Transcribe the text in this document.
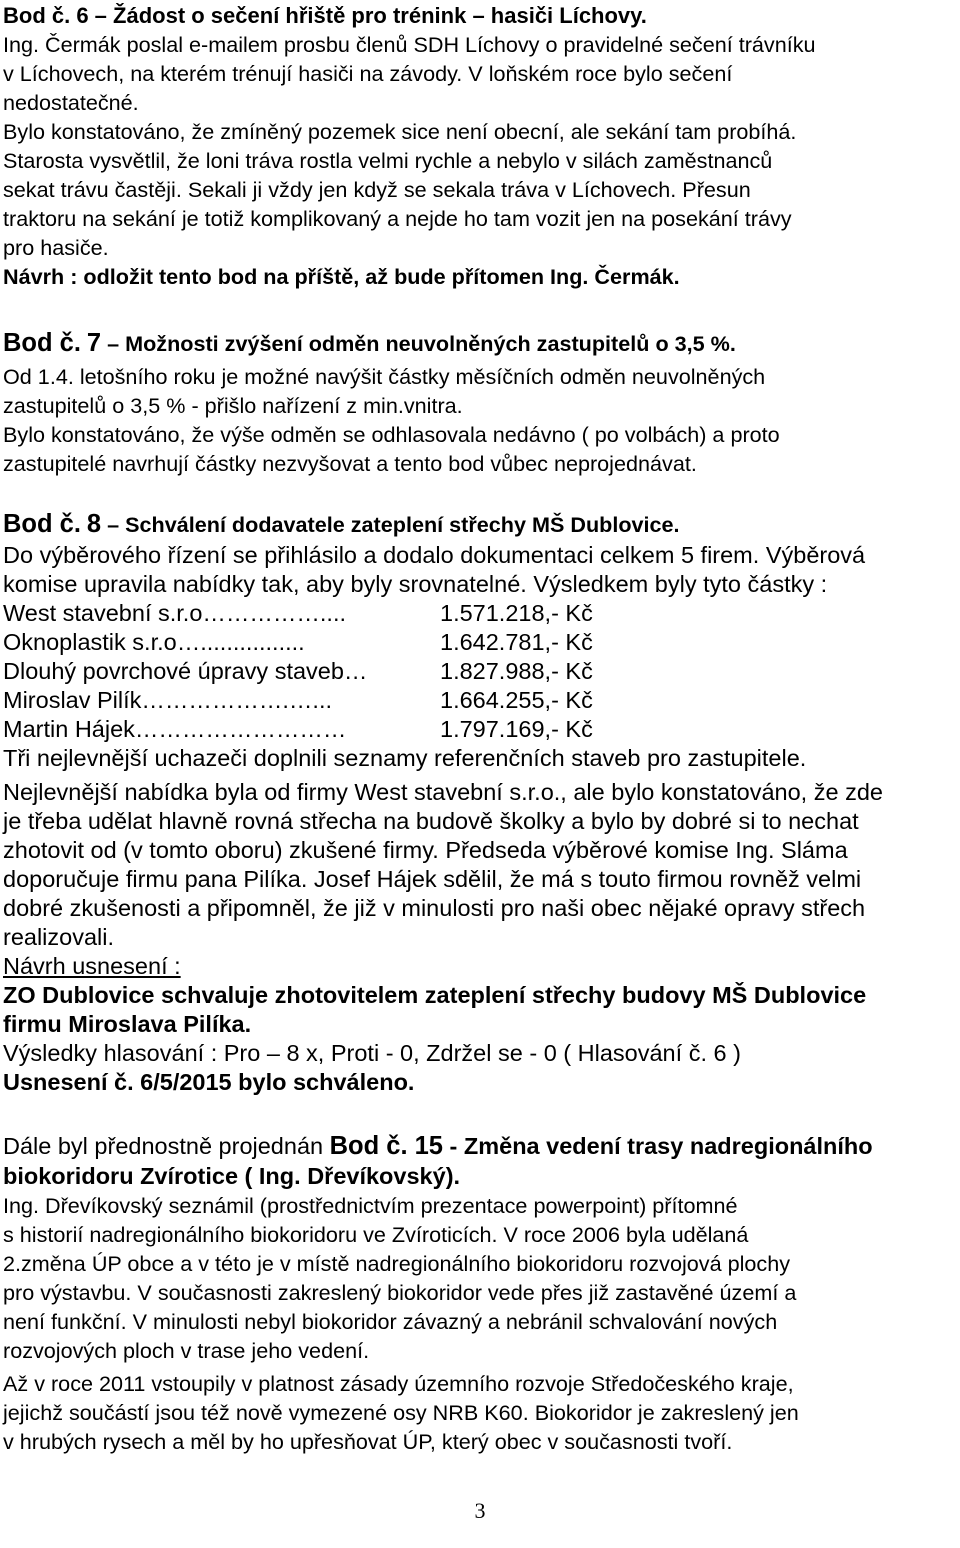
Bod č. 6 – Žádost o sečení hřiště pro trénink – hasiči Líchovy.

Ing. Čermák poslal e-mailem prosbu členů SDH Líchovy o pravidelné sečení trávníku

v Líchovech, na kterém trénují hasiči na závody. V loňském roce bylo sečení

nedostatečné.

Bylo konstatováno, že zmíněný pozemek sice není obecní, ale sekání tam probíhá.

Starosta vysvětlil, že loni tráva rostla velmi rychle a nebylo v silách zaměstnanců

sekat trávu častěji. Sekali ji vždy jen když se sekala tráva v Líchovech. Přesun

traktoru na sekání je totiž komplikovaný a nejde ho tam vozit jen na posekání trávy

pro hasiče.

Návrh : odložit tento bod na příště, až bude přítomen Ing. Čermák.

Bod č. 7 – Možnosti zvýšení odměn neuvolněných zastupitelů o 3,5 %.

Od 1.4. letošního roku je možné navýšit částky měsíčních odměn neuvolněných

zastupitelů o 3,5 % - přišlo nařízení z min.vnitra.

Bylo konstatováno, že výše odměn se odhlasovala nedávno ( po volbách) a proto

zastupitelé navrhují částky nezvyšovat a tento bod vůbec neprojednávat.

Bod č. 8 – Schválení dodavatele zateplení střechy MŠ Dublovice.

Do výběrového řízení se přihlásilo a dodalo dokumentaci celkem 5 firem. Výběrová

komise upravila nabídky tak, aby byly srovnatelné. Výsledkem byly tyto částky :

West stavební s.r.o……………....	1.571.218,- Kč
Oknoplastik s.r.o…................	1.642.781,- Kč
Dlouhý povrchové úpravy staveb…	1.827.988,- Kč
Miroslav Pilík……………….…...	1.664.255,- Kč
Martin Hájek………………………	1.797.169,- Kč

Tři nejlevnější uchazeči doplnili seznamy referenčních staveb pro zastupitele.

Nejlevnější nabídka byla od firmy West stavební s.r.o., ale bylo konstatováno, že zde

je třeba udělat hlavně rovná střecha na budově školky a bylo by dobré si to nechat

zhotovit od (v tomto oboru) zkušené firmy. Předseda výběrové komise Ing. Sláma

doporučuje firmu pana Pilíka. Josef Hájek sdělil, že má s touto firmou rovněž velmi

dobré zkušenosti a připomněl, že již v minulosti pro naši obec nějaké opravy střech

realizovali.

Návrh usnesení :

ZO Dublovice schvaluje zhotovitelem zateplení střechy budovy MŠ Dublovice

firmu Miroslava Pilíka.

Výsledky hlasování : Pro – 8 x, Proti - 0, Zdržel se - 0 ( Hlasování č. 6 )

Usnesení č. 6/5/2015 bylo schváleno.

Dále byl přednostně projednán Bod č. 15 - Změna vedení trasy nadregionálního

biokoridoru Zvírotice ( Ing. Dřevíkovský).

Ing. Dřevíkovský seznámil (prostřednictvím prezentace powerpoint) přítomné

s historií nadregionálního biokoridoru ve Zvíroticích. V roce 2006 byla udělaná

2.změna ÚP obce a v této je v místě nadregionálního biokoridoru rozvojová plochy

pro výstavbu. V současnosti zakreslený biokoridor vede přes již zastavěné území a

není funkční. V minulosti nebyl biokoridor závazný a nebránil schvalování nových

rozvojových ploch v trase jeho vedení.

Až v roce 2011 vstoupily v platnost zásady územního rozvoje Středočeského kraje,

jejichž součástí jsou též nově vymezené osy NRB K60. Biokoridor je zakreslený jen

v hrubých rysech a měl by ho upřesňovat ÚP, který obec v současnosti tvoří.

3
